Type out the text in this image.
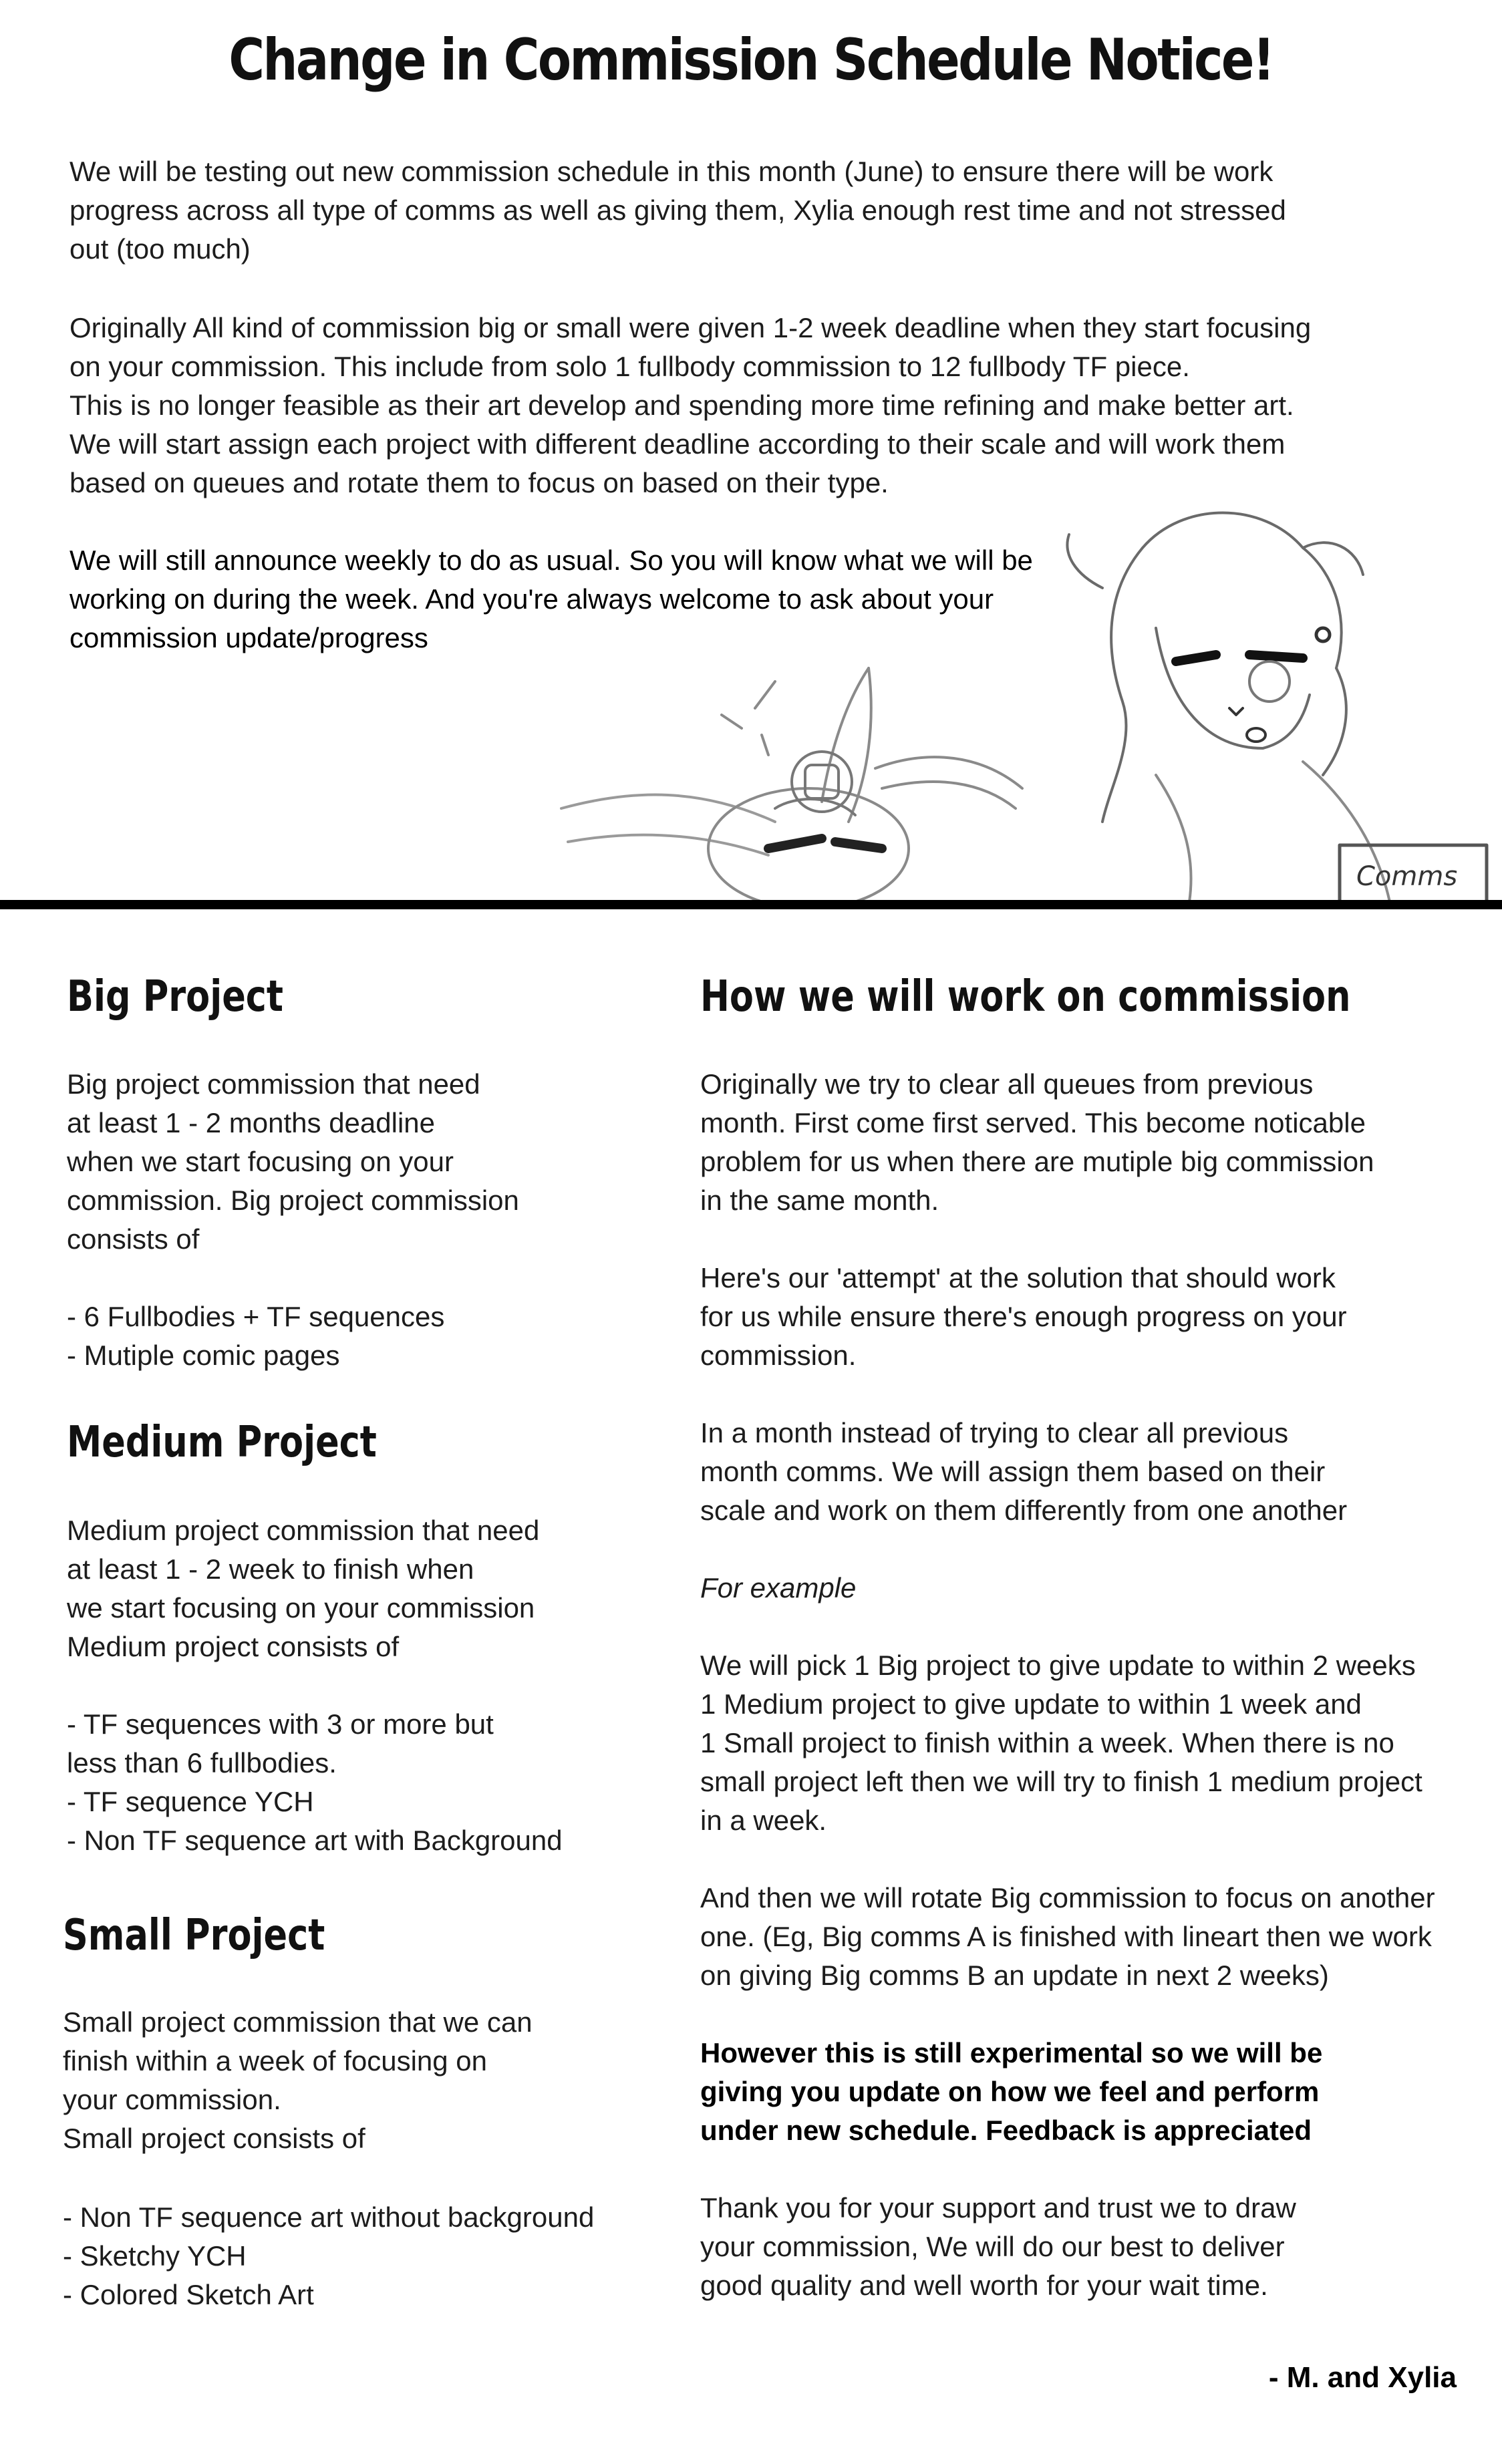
Change in Commission Schedule Notice!

We will be testing out new commission schedule in this month (June) to ensure there will be work progress across all type of comms as well as giving them, Xylia enough rest time and not stressed out (too much)

Originally All kind of commission big or small were given 1-2 week deadline when they start focusing

on your commission. This include from solo 1 fullbody commission to 12 fullbody TF piece.

This is no longer feasible as their art develop and spending more time refining and make better art.

We will start assign each project with different deadline according to their scale and will work them

based on queues and rotate them to focus on based on their type.

We will still announce weekly to do as usual. So you will know what we will be

working on during the week. And you're always welcome to ask about your

commission update/progress

Comms
Big Project

Big project commission that need

at least 1 - 2 months deadline

when we start focusing on your

commission. Big project commission

consists of

- 6 Fullbodies + TF sequences
- Mutiple comic pages
Medium Project

Medium project commission that need

at least 1 - 2 week to finish when

we start focusing on your commission

Medium project consists of

- TF sequences with 3 or more but
less than 6 fullbodies.
- TF sequence YCH
- Non TF sequence art with Background
Small Project

Small project commission that we can

finish within a week of focusing on

your commission.

Small project consists of

- Non TF sequence art without background
- Sketchy YCH
- Colored Sketch Art
How we will work on commission

Originally we try to clear all queues from previous

month. First come first served. This become noticable

problem for us when there are mutiple big commission

in the same month.

Here's our 'attempt' at the solution that should work

for us while ensure there's enough progress on your

commission.

In a month instead of trying to clear all previous

month comms. We will assign them based on their

scale and work on them differently from one another

For example

We will pick 1 Big project to give update to within 2 weeks

1 Medium project to give update to within 1 week and

1 Small project to finish within a week. When there is no

small project left then we will try to finish 1 medium project

in a week.

And then we will rotate Big commission to focus on another

one. (Eg, Big comms A is finished with lineart then we work

on giving Big comms B an update in next 2 weeks)

However this is still experimental so we will be

giving you update on how we feel and perform

under new schedule. Feedback is appreciated

Thank you for your support and trust we to draw

your commission, We will do our best to deliver

good quality and well worth for your wait time.

- M. and Xylia
